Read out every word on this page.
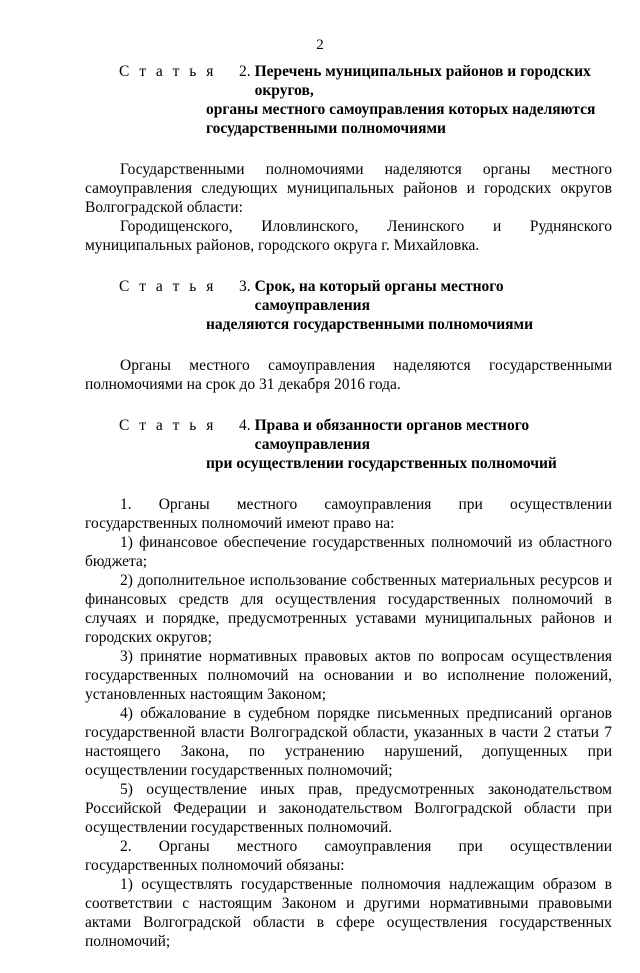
2
С т а т ь я	2. Перечень муниципальных районов и городских округов,
органы местного самоуправления которых наделяются
государственными полномочиями

Государственными полномочиями наделяются органы местного самоуправления следующих муниципальных районов и городских округов Волгоградской области:

Городищенского, Иловлинского, Ленинского и Руднянского муниципальных районов, городского округа г. Михайловка.

С т а т ь я	3. Срок, на который органы местного самоуправления
наделяются государственными полномочиями

Органы местного самоуправления наделяются государственными полномочиями на срок до 31 декабря 2016 года.

С т а т ь я	4. Права и обязанности органов местного самоуправления
при осуществлении государственных полномочий

1. Органы местного самоуправления при осуществлении государственных полномочий имеют право на:

1) финансовое обеспечение государственных полномочий из областного бюджета;

2) дополнительное использование собственных материальных ресурсов и финансовых средств для осуществления государственных полномочий в случаях и порядке, предусмотренных уставами муниципальных районов и городских округов;

3) принятие нормативных правовых актов по вопросам осуществления государственных полномочий на основании и во исполнение положений, установленных настоящим Законом;

4) обжалование в судебном порядке письменных предписаний органов государственной власти Волгоградской области, указанных в части 2 статьи 7 настоящего Закона, по устранению нарушений, допущенных при осуществлении государственных полномочий;

5) осуществление иных прав, предусмотренных законодательством Российской Федерации и законодательством Волгоградской области при осуществлении государственных полномочий.

2. Органы местного самоуправления при осуществлении государственных полномочий обязаны:

1) осуществлять государственные полномочия надлежащим образом в соответствии с настоящим Законом и другими нормативными правовыми актами Волгоградской области в сфере осуществления государственных полномочий;
